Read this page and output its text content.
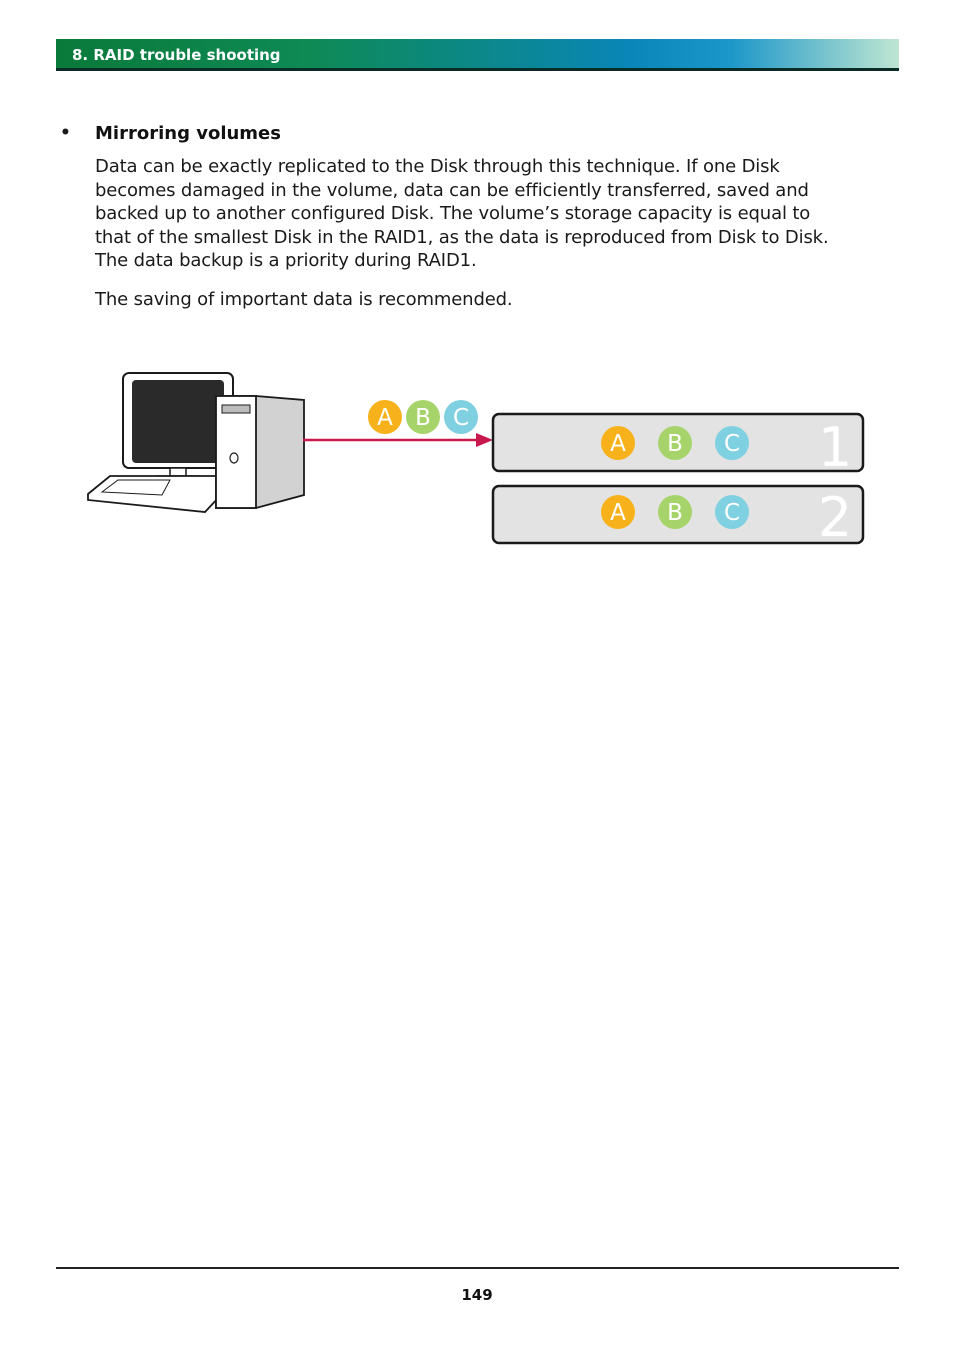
8. RAID trouble shooting
• Mirroring volumes
Data can be exactly replicated to the Disk through this technique. If one Disk
becomes damaged in the volume, data can be efficiently transferred, saved and
backed up to another configured Disk. The volume’s storage capacity is equal to
that of the smallest Disk in the RAID1, as the data is reproduced from Disk to Disk.
The data backup is a priority during RAID1.

The saving of important data is recommended.

A B C	1
A B C
2
A B C
149
